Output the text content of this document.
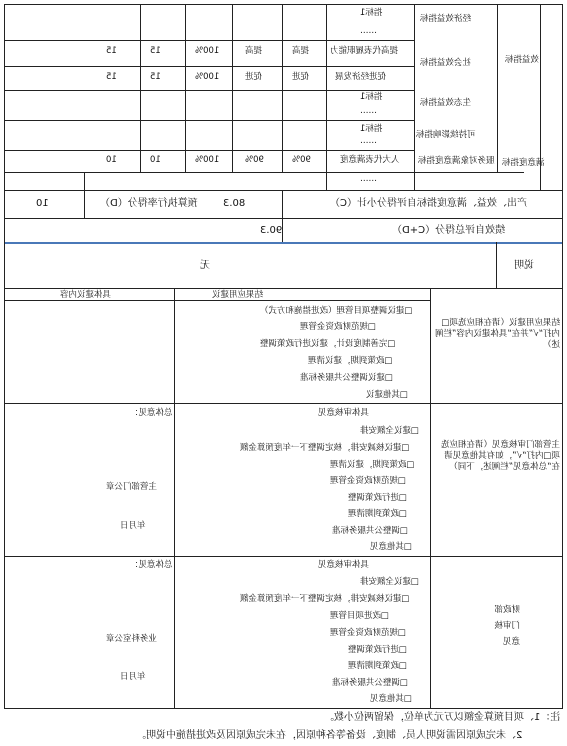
效益指标
经济效益指标
指标1
……
社会效益指标
提高代表履职能力
提高
提高
100%
15
15
促进经济发展
促进
促进
100%
15
15
生态效益指标
指标1
……
可持续影响指标
指标1
……
服务对象满意度指标 满意度指标
人大代表满意度
90%
90%
100%
10
10
……
产出、效益、满意度指标自评得分小计（C）
80.3
预算执行率得分（D）
10
绩效自评总得分（C+D）
90.3
说明
无
结果应用建议
具体建议内容
结果应用建议（请在相应选项□内打“√”并在“具体建议内容”栏阐述）
□建议调整项目管理（改进措施和方式）
□规范财政资金管理
□完善制度设计，建议进行政策调整
□政策到期，建议清理
□建议调整公共服务标准
□其他建议
具体审核意见
总体意见：
主管部门审核意见（请在相应选项□内打“√”，如有其他意见请在“总体意见”栏阐述，下同）
□建议全额安排
□建议核减安排，核定调整下一年度预算金额
□政策到期，建议清理
□规范财政资金管理
□进行政策调整
□政策到期清理
□调整公共服务标准
□其他意见
主管部门公章
年月日
具体审核意见
总体意见：
财政部门审核意见
□建议全额安排
□建议核减安排，核定调整下一年度预算金额
□改进项目管理
□规范财政资金管理
□进行政策调整
□政策到期清理
□调整公共服务标准
□其他意见
业务科室公章
年月日
注：1、项目预算金额以万元为单位，保留两位小数。
2、未完成原因需说明人员、制度、设备等各种原因，在未完成原因及改进措施中说明。
